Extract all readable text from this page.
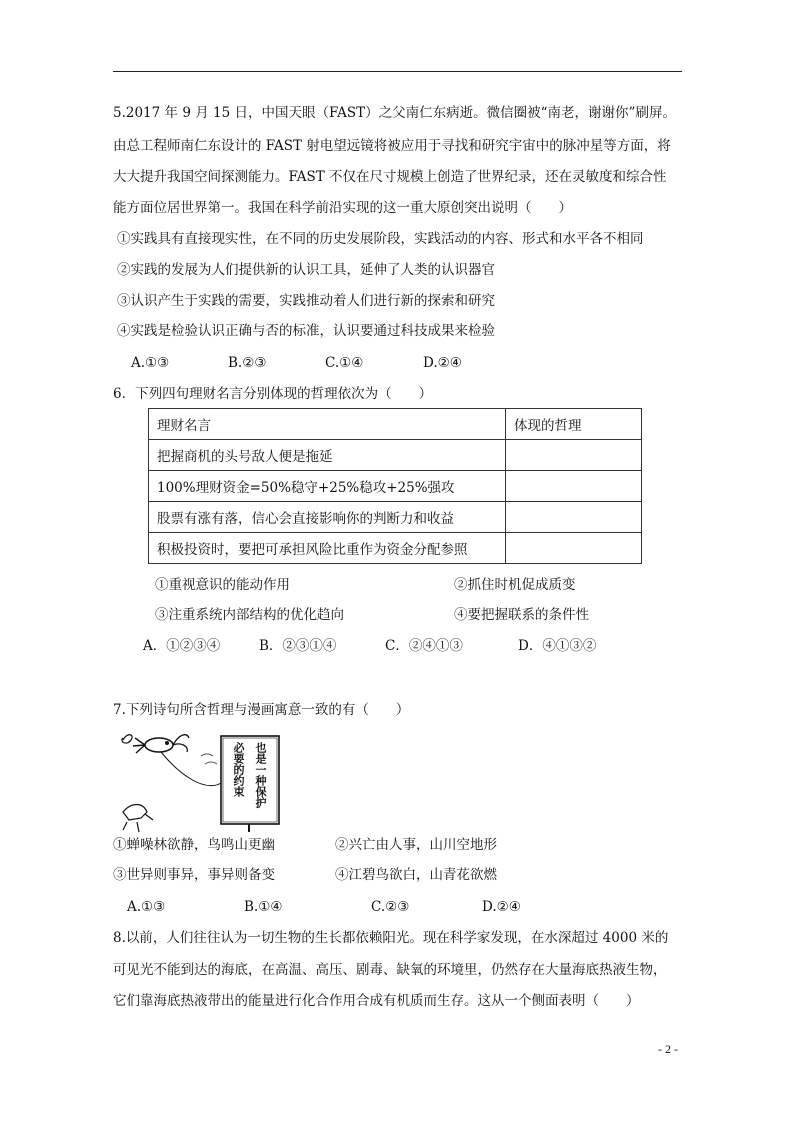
5.2017 年 9 月 15 日，中国天眼（FAST）之父南仁东病逝。微信圈被“南老，谢谢你”刷屏。
由总工程师南仁东设计的 FAST 射电望远镜将被应用于寻找和研究宇宙中的脉冲星等方面，将
大大提升我国空间探测能力。FAST 不仅在尺寸规模上创造了世界纪录，还在灵敏度和综合性
能方面位居世界第一。我国在科学前沿实现的这一重大原创突出说明（　　）
①实践具有直接现实性，在不同的历史发展阶段，实践活动的内容、形式和水平各不相同
②实践的发展为人们提供新的认识工具，延伸了人类的认识器官
③认识产生于实践的需要，实践推动着人们进行新的探索和研究
④实践是检验认识正确与否的标准，认识要通过科技成果来检验
A.①③	B.②③	C.①④	D.②④
6．下列四句理财名言分别体现的哲理依次为（　　）
理财名言	体现的哲理
把握商机的头号敌人便是拖延	
100%理财资金=50%稳守+25%稳攻+25%强攻	
股票有涨有落，信心会直接影响你的判断力和收益	
积极投资时，要把可承担风险比重作为资金分配参照	
①重视意识的能动作用	②抓住时机促成质变
③注重系统内部结构的优化趋向	④要把握联系的条件性
A．①②③④	B．②③①④	C．②④①③	D．④①③②
7.下列诗句所含哲理与漫画寓意一致的有（　　）
必要的约束 也是一种保护
①蝉噪林欲静，鸟鸣山更幽	②兴亡由人事，山川空地形
③世异则事异，事异则备变	④江碧鸟欲白，山青花欲燃
A.①③	B.①④	C.②③	D.②④
8.以前，人们往往认为一切生物的生长都依赖阳光。现在科学家发现，在水深超过 4000 米的
可见光不能到达的海底，在高温、高压、剧毒、缺氧的环境里，仍然存在大量海底热液生物，
它们靠海底热液带出的能量进行化合作用合成有机质而生存。这从一个侧面表明（　　）
- 2 -
